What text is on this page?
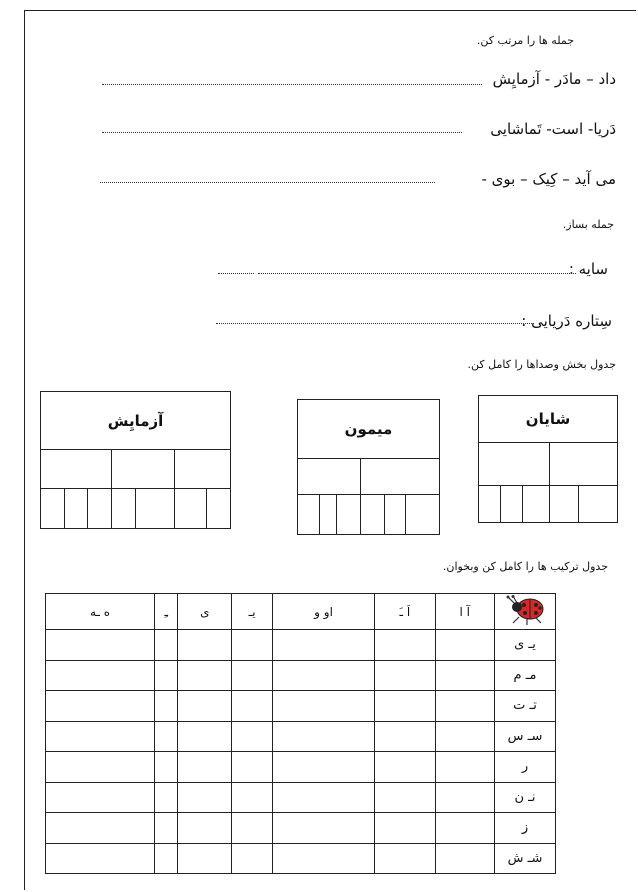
جمله ها را مرتب کن.
داد – مادَر - آزمایِش
دَریا- است- تَماشایی
می آید – کِیک – بوی -
جمله بساز.
سایه :
سِتاره دَریایی :
جدول بخش وصداها را کامل کن.
شایان
میمون
آزمایِش
جدول ترکیب ها را کامل کن وبخوان.
	آ ا	اَ ـَ	او و	یـ	ی	ـِ	ه ـه
یـ ی							
مـ م							
تـ ت							
سـ س							
ر							
نـ ن							
ز							
شـ ش							
